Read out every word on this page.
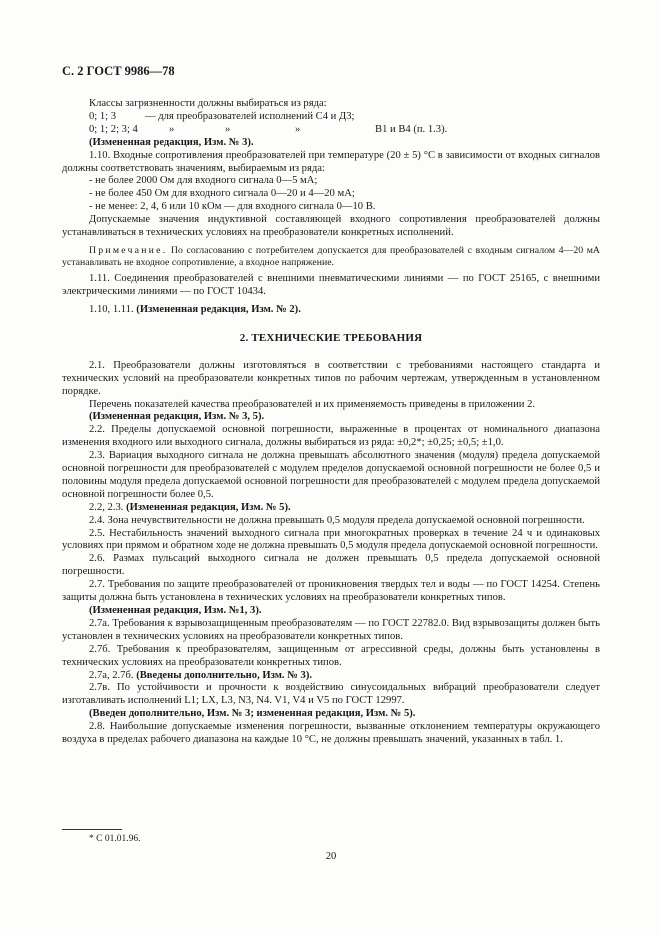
С. 2 ГОСТ 9986—78

Классы загрязненности должны выбираться из ряда:

0; 1; 3	— для преобразователей исполнений С4 и Д3;
0; 1; 2; 3; 4	»	»	»	В1 и В4 (п. 1.3).

(Измененная редакция, Изм. № 3).

1.10. Входные сопротивления преобразователей при температуре (20 ± 5) °С в зависимости от входных сигналов должны соответствовать значениям, выбираемым из ряда:

- не более 2000 Ом для входного сигнала 0—5 мА;

- не более 450 Ом для входного сигнала 0—20 и 4—20 мА;

- не менее: 2, 4, 6 или 10 кОм — для входного сигнала 0—10 В.

Допускаемые значения индуктивной составляющей входного сопротивления преобразователей должны устанавливаться в технических условиях на преобразователи конкретных исполнений.

Примечание. По согласованию с потребителем допускается для преобразователей с входным сигналом 4—20 мА устанавливать не входное сопротивление, а входное напряжение.

1.11. Соединения преобразователей с внешними пневматическими линиями — по ГОСТ 25165, с внешними электрическими линиями — по ГОСТ 10434.

1.10, 1.11. (Измененная редакция, Изм. № 2).

2. ТЕХНИЧЕСКИЕ ТРЕБОВАНИЯ

2.1. Преобразователи должны изготовляться в соответствии с требованиями настоящего стандарта и технических условий на преобразователи конкретных типов по рабочим чертежам, утвержденным в установленном порядке.

Перечень показателей качества преобразователей и их применяемость приведены в приложении 2.

(Измененная редакция, Изм. № 3, 5).

2.2. Пределы допускаемой основной погрешности, выраженные в процентах от номинального диапазона изменения входного или выходного сигнала, должны выбираться из ряда: ±0,2*; ±0,25; ±0,5; ±1,0.

2.3. Вариация выходного сигнала не должна превышать абсолютного значения (модуля) предела допускаемой основной погрешности для преобразователей с модулем пределов допускаемой основной погрешности не более 0,5 и половины модуля предела допускаемой основной погрешности для преобразователей с модулем предела допускаемой основной погрешности более 0,5.

2.2, 2.3. (Измененная редакция, Изм. № 5).

2.4. Зона нечувствительности не должна превышать 0,5 модуля предела допускаемой основной погрешности.

2.5. Нестабильность значений выходного сигнала при многократных проверках в течение 24 ч и одинаковых условиях при прямом и обратном ходе не должна превышать 0,5 модуля предела допускаемой основной погрешности.

2.6. Размах пульсаций выходного сигнала не должен превышать 0,5 предела допускаемой основной погрешности.

2.7. Требования по защите преобразователей от проникновения твердых тел и воды — по ГОСТ 14254. Степень защиты должна быть установлена в технических условиях на преобразователи конкретных типов.

(Измененная редакция, Изм. №1, 3).

2.7а. Требования к взрывозащищенным преобразователям — по ГОСТ 22782.0. Вид взрывозащиты должен быть установлен в технических условиях на преобразователи конкретных типов.

2.7б. Требования к преобразователям, защищенным от агрессивной среды, должны быть установлены в технических условиях на преобразователи конкретных типов.

2.7а, 2.7б. (Введены дополнительно, Изм. № 3).

2.7в. По устойчивости и прочности к воздействию синусоидальных вибраций преобразователи следует изготавливать исполнений L1; LX, L3, N3, N4. V1, V4 и V5 по ГОСТ 12997.

(Введен дополнительно, Изм. № 3; измененная редакция, Изм. № 5).

2.8. Наибольшие допускаемые изменения погрешности, вызванные отклонением температуры окружающего воздуха в пределах рабочего диапазона на каждые 10 °С, не должны превышать значений, указанных в табл. 1.

* С 01.01.96.
20
